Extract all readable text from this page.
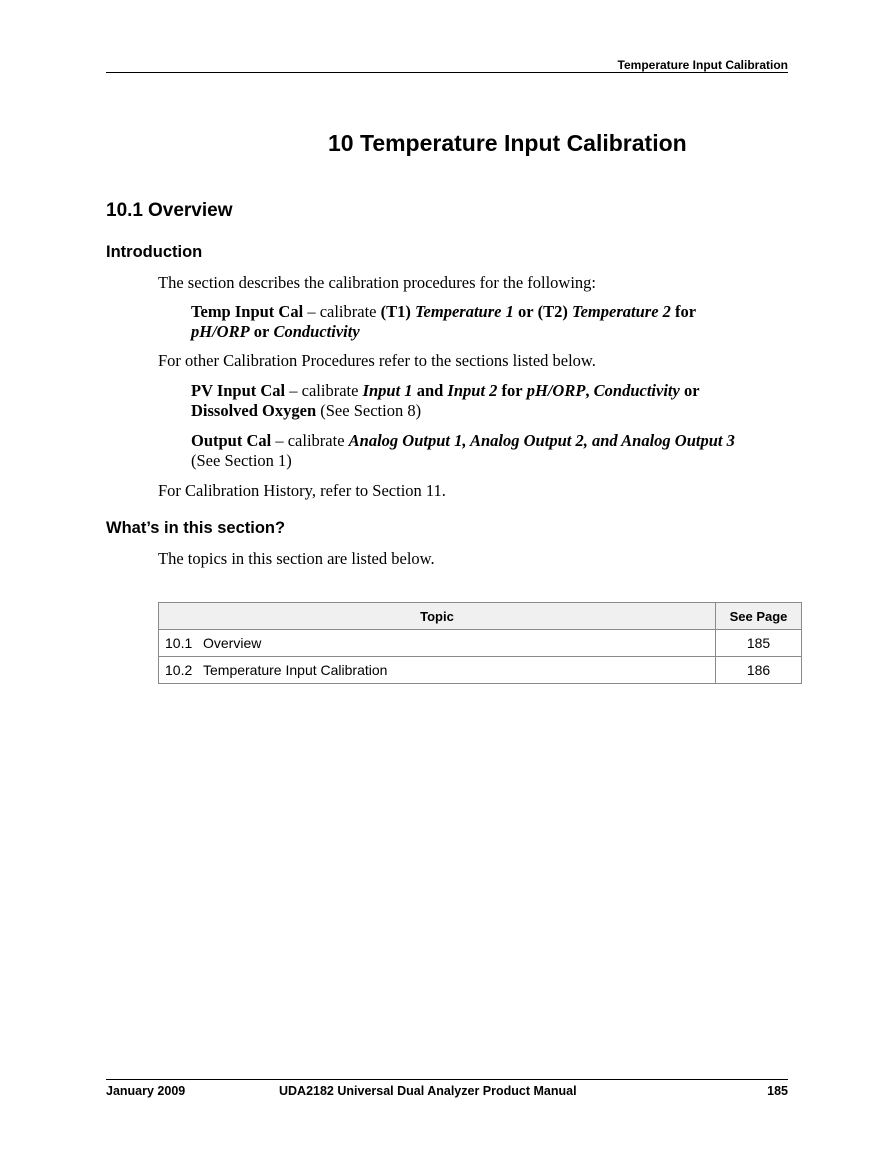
Temperature Input Calibration
10 Temperature Input Calibration
10.1 Overview
Introduction

The section describes the calibration procedures for the following:

Temp Input Cal – calibrate (T1) Temperature 1 or (T2) Temperature 2 for
pH/ORP or Conductivity

For other Calibration Procedures refer to the sections listed below.

PV Input Cal – calibrate Input 1 and Input 2 for pH/ORP, Conductivity or
Dissolved Oxygen (See Section 8)

Output Cal – calibrate Analog Output 1, Analog Output 2, and Analog Output 3
(See Section 1)

For Calibration History, refer to Section 11.

What’s in this section?

The topics in this section are listed below.

Topic	See Page
10.1 Overview	185
10.2 Temperature Input Calibration	186
January 2009	UDA2182 Universal Dual Analyzer Product Manual	185
